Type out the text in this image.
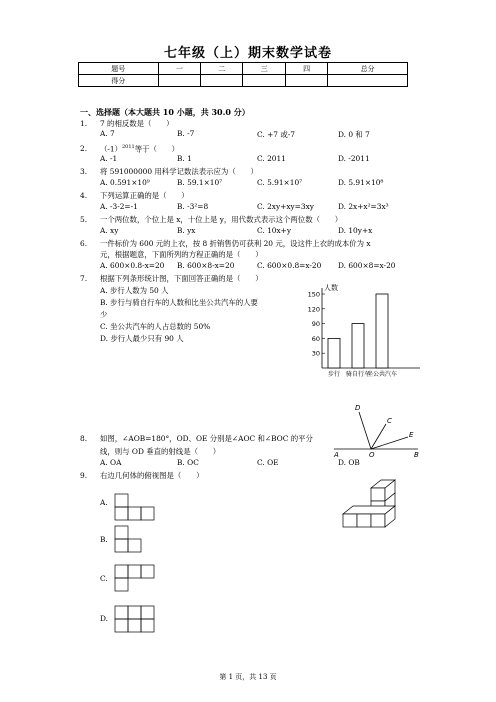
七年级（上）期末数学试卷
题号	一	二	三	四	总分
得分					
一、选择题（本大题共 10 小题，共 30.0 分）
1. 7 的相反数是（　　）
A. 7	B. -7	C. +7 或-7	D. 0 和 7
2. $(-1)^{2011}$等于（　　）
A. -1	B. 1	C. 2011	D. -2011
3. 将 591000000 用科学记数法表示应为（　　）
A. 0.591×10⁹	B. 59.1×10⁷	C. 5.91×10⁷	D. 5.91×10⁸
4. 下列运算正确的是（　　）
A. -3-2=-1	B. -3²=8	C. 2xy+xy=3xy	D. 2x+x²=3x³
5. 一个两位数，个位上是 x，十位上是 y，用代数式表示这个两位数（　　）
A. xy	B. yx	C. 10x+y	D. 10y+x
6. 一件标价为 600 元的上衣，按 8 折销售仍可获利 20 元，设这件上衣的成本价为 x
元，根据题意，下面所列的方程正确的是（　　）
A. 600×0.8-x=20 B. 600×8-x=20	C. 600×0.8=x-20 D. 600×8=x-20
7. 根据下列条形统计图，下面回答正确的是（　　）
A. 步行人数为 50 人
B. 步行与骑自行车的人数和比坐公共汽车的人要
少
C. 坐公共汽车的人占总数的 50%
D. 步行人最少只有 90 人
人数
30
60
90
120
150
步行 骑自行车
坐公共汽车
8. 如图，∠AOB=180°，OD、OE 分别是∠AOC 和∠BOC 的平分
线，则与 OD 垂直的射线是（　　）
A. OA	B. OC	C. OE	D. OB
D
C
E
A	O	B
9. 右边几何体的俯视图是（　　）
A.
B.
C.
D.
第 1 页，共 13 页
